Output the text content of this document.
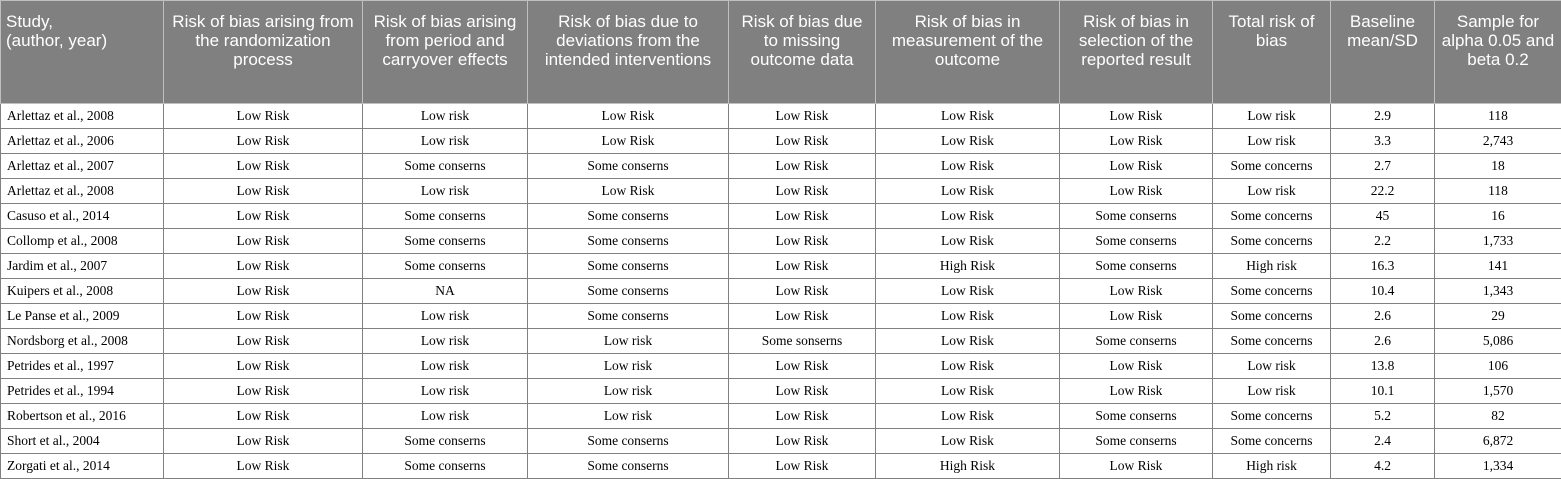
Study,
(author, year)	Risk of bias arising from the randomization process	Risk of bias arising from period and carryover effects	Risk of bias due to deviations from the intended interventions	Risk of bias due to missing outcome data	Risk of bias in measurement of the outcome	Risk of bias in selection of the reported result	Total risk of bias	Baseline mean/SD	Sample for alpha 0.05 and beta 0.2

Arlettaz et al., 2008	Low Risk	Low risk	Low Risk	Low Risk	Low Risk	Low Risk	Low risk	2.9	118
Arlettaz et al., 2006	Low Risk	Low risk	Low Risk	Low Risk	Low Risk	Low Risk	Low risk	3.3	2,743
Arlettaz et al., 2007	Low Risk	Some conserns	Some conserns	Low Risk	Low Risk	Low Risk	Some concerns	2.7	18
Arlettaz et al., 2008	Low Risk	Low risk	Low Risk	Low Risk	Low Risk	Low Risk	Low risk	22.2	118
Casuso et al., 2014	Low Risk	Some conserns	Some conserns	Low Risk	Low Risk	Some conserns	Some concerns	45	16
Collomp et al., 2008	Low Risk	Some conserns	Some conserns	Low Risk	Low Risk	Some conserns	Some concerns	2.2	1,733
Jardim et al., 2007	Low Risk	Some conserns	Some conserns	Low Risk	High Risk	Some conserns	High risk	16.3	141
Kuipers et al., 2008	Low Risk	NA	Some conserns	Low Risk	Low Risk	Low Risk	Some concerns	10.4	1,343
Le Panse et al., 2009	Low Risk	Low risk	Some conserns	Low Risk	Low Risk	Low Risk	Some concerns	2.6	29
Nordsborg et al., 2008	Low Risk	Low risk	Low risk	Some sonserns	Low Risk	Some conserns	Some concerns	2.6	5,086
Petrides et al., 1997	Low Risk	Low risk	Low risk	Low Risk	Low Risk	Low Risk	Low risk	13.8	106
Petrides et al., 1994	Low Risk	Low risk	Low risk	Low Risk	Low Risk	Low Risk	Low risk	10.1	1,570
Robertson et al., 2016	Low Risk	Low risk	Low risk	Low Risk	Low Risk	Some conserns	Some concerns	5.2	82
Short et al., 2004	Low Risk	Some conserns	Some conserns	Low Risk	Low Risk	Some conserns	Some concerns	2.4	6,872
Zorgati et al., 2014	Low Risk	Some conserns	Some conserns	Low Risk	High Risk	Low Risk	High risk	4.2	1,334
